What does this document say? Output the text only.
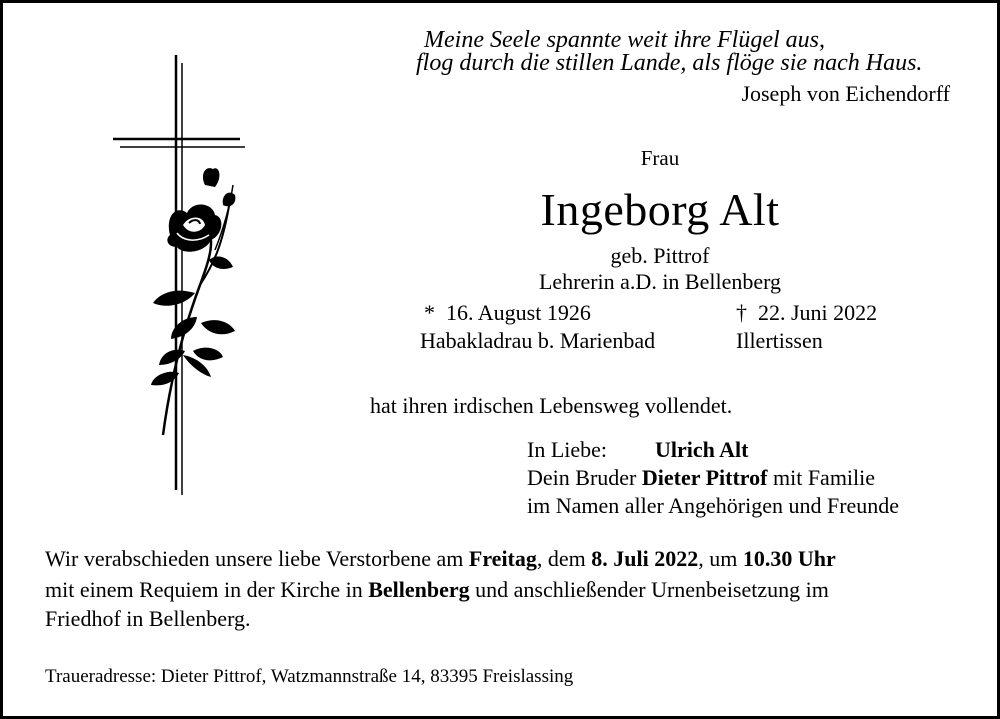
Meine Seele spannte weit ihre Flügel aus,
flog durch die stillen Lande, als flöge sie nach Haus.
Joseph von Eichendorff
Frau
Ingeborg Alt
geb. Pittrof
Lehrerin a.D. in Bellenberg
* 16. August 1926
Habakladrau b. Marienbad
† 22. Juni 2022
Illertissen
hat ihren irdischen Lebensweg vollendet.
In Liebe: Ulrich Alt
Dein Bruder Dieter Pittrof mit Familie
im Namen aller Angehörigen und Freunde
Wir verabschieden unsere liebe Verstorbene am Freitag, dem 8. Juli 2022, um 10.30 Uhr
mit einem Requiem in der Kirche in Bellenberg und anschließender Urnenbeisetzung im
Friedhof in Bellenberg.
Traueradresse: Dieter Pittrof, Watzmannstraße 14, 83395 Freislassing
